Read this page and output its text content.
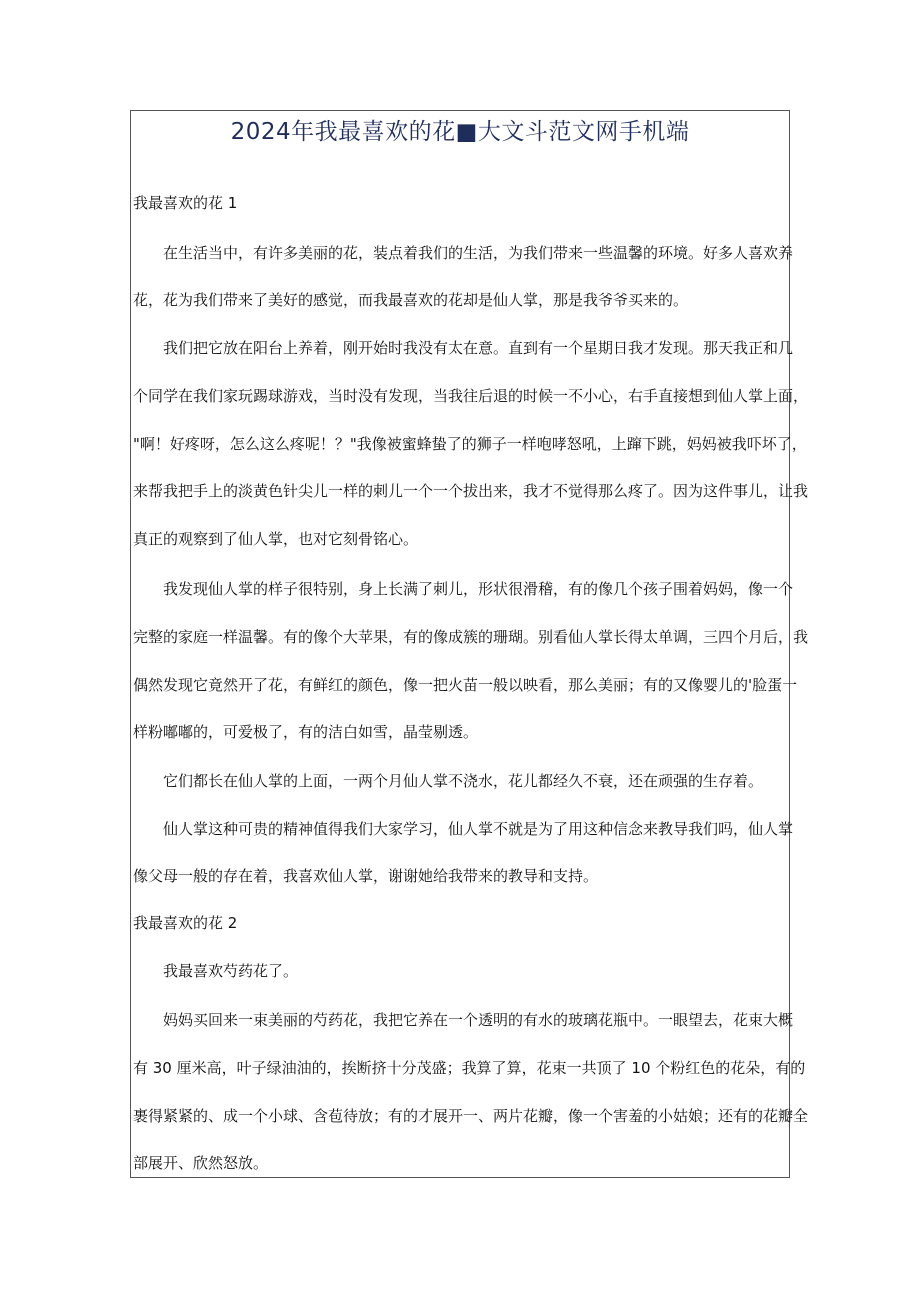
2024年我最喜欢的花■大文斗范文网手机端
我最喜欢的花 1
在生活当中，有许多美丽的花，装点着我们的生活，为我们带来一些温馨的环境。好多人喜欢养
花，花为我们带来了美好的感觉，而我最喜欢的花却是仙人掌，那是我爷爷买来的。
我们把它放在阳台上养着，刚开始时我没有太在意。直到有一个星期日我才发现。那天我正和几
个同学在我们家玩踢球游戏，当时没有发现，当我往后退的时候一不小心，右手直接想到仙人掌上面，
"啊！好疼呀，怎么这么疼呢！？"我像被蜜蜂蛰了的狮子一样咆哮怒吼，上蹿下跳，妈妈被我吓坏了，
来帮我把手上的淡黄色针尖儿一样的刺儿一个一个拔出来，我才不觉得那么疼了。因为这件事儿，让我
真正的观察到了仙人掌，也对它刻骨铭心。
我发现仙人掌的样子很特别，身上长满了刺儿，形状很滑稽，有的像几个孩子围着妈妈，像一个
完整的家庭一样温馨。有的像个大苹果，有的像成簇的珊瑚。别看仙人掌长得太单调，三四个月后，我
偶然发现它竟然开了花，有鲜红的颜色，像一把火苗一般以映看，那么美丽；有的又像婴儿的'脸蛋一
样粉嘟嘟的，可爱极了，有的洁白如雪，晶莹剔透。
它们都长在仙人掌的上面，一两个月仙人掌不浇水，花儿都经久不衰，还在顽强的生存着。
仙人掌这种可贵的精神值得我们大家学习，仙人掌不就是为了用这种信念来教导我们吗，仙人掌
像父母一般的存在着，我喜欢仙人掌，谢谢她给我带来的教导和支持。
我最喜欢的花 2
我最喜欢芍药花了。
妈妈买回来一束美丽的芍药花，我把它养在一个透明的有水的玻璃花瓶中。一眼望去，花束大概
有 30 厘米高，叶子绿油油的，挨断挤十分茂盛；我算了算，花束一共顶了 10 个粉红色的花朵，有的
裹得紧紧的、成一个小球、含苞待放；有的才展开一、两片花瓣，像一个害羞的小姑娘；还有的花瓣全
部展开、欣然怒放。
